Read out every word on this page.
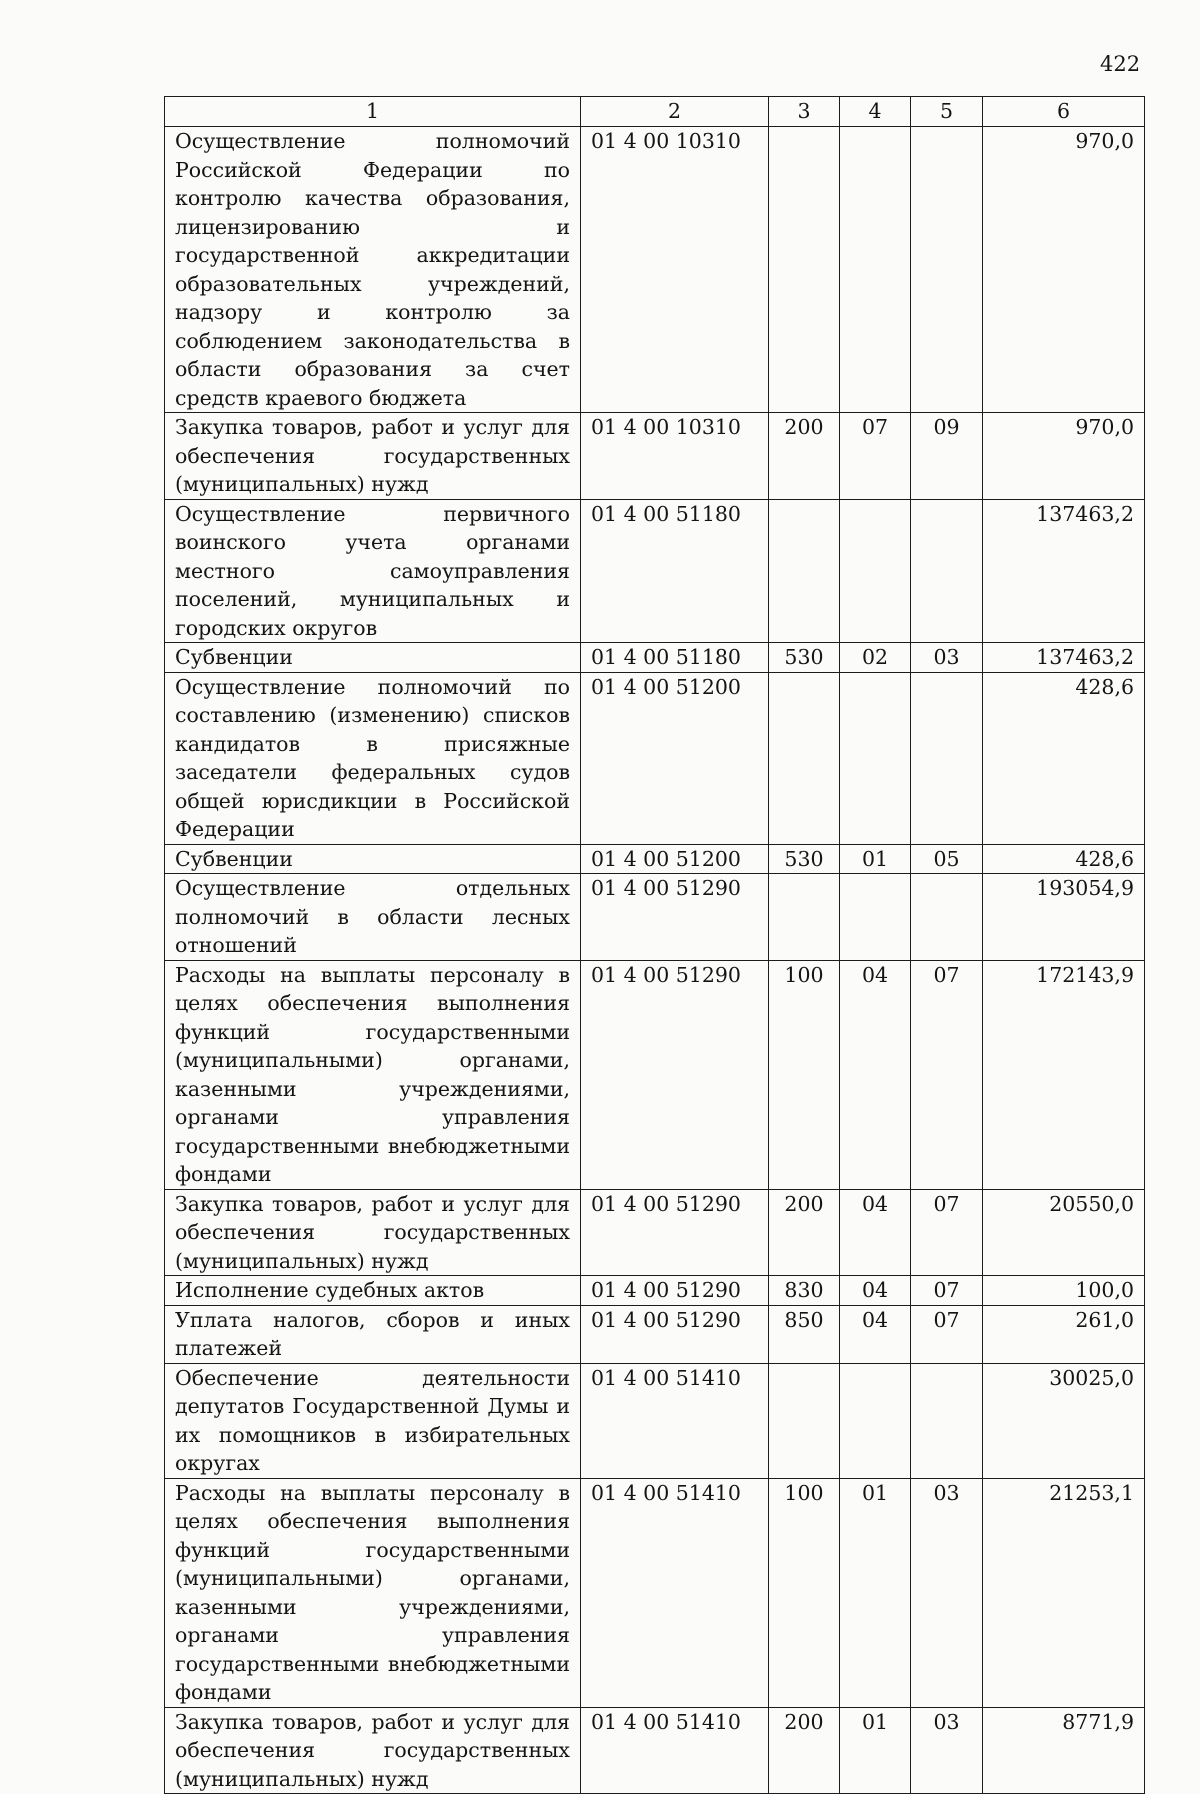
422
1	2	3	4	5	6
Осуществление полномочий Российской Федерации по контролю качества образования, лицензированию и государственной аккредитации образовательных учреждений, надзору и контролю за соблюдением законодательства в области образования за счет средств краевого бюджета	01 4 00 10310				970,0
Закупка товаров, работ и услуг для обеспечения государственных (муниципальных) нужд	01 4 00 10310	200	07	09	970,0
Осуществление первичного воинского учета органами местного самоуправления поселений, муниципальных и городских округов	01 4 00 51180				137463,2
Субвенции	01 4 00 51180	530	02	03	137463,2
Осуществление полномочий по составлению (изменению) списков кандидатов в присяжные заседатели федеральных судов общей юрисдикции в Российской Федерации	01 4 00 51200				428,6
Субвенции	01 4 00 51200	530	01	05	428,6
Осуществление отдельных полномочий в области лесных отношений	01 4 00 51290				193054,9
Расходы на выплаты персоналу в целях обеспечения выполнения функций государственными (муниципальными) органами, казенными учреждениями, органами управления государственными внебюджетными фондами	01 4 00 51290	100	04	07	172143,9
Закупка товаров, работ и услуг для обеспечения государственных (муниципальных) нужд	01 4 00 51290	200	04	07	20550,0
Исполнение судебных актов	01 4 00 51290	830	04	07	100,0
Уплата налогов, сборов и иных платежей	01 4 00 51290	850	04	07	261,0
Обеспечение деятельности депутатов Государственной Думы и их помощников в избирательных округах	01 4 00 51410				30025,0
Расходы на выплаты персоналу в целях обеспечения выполнения функций государственными (муниципальными) органами, казенными учреждениями, органами управления государственными внебюджетными фондами	01 4 00 51410	100	01	03	21253,1
Закупка товаров, работ и услуг для обеспечения государственных (муниципальных) нужд	01 4 00 51410	200	01	03	8771,9
